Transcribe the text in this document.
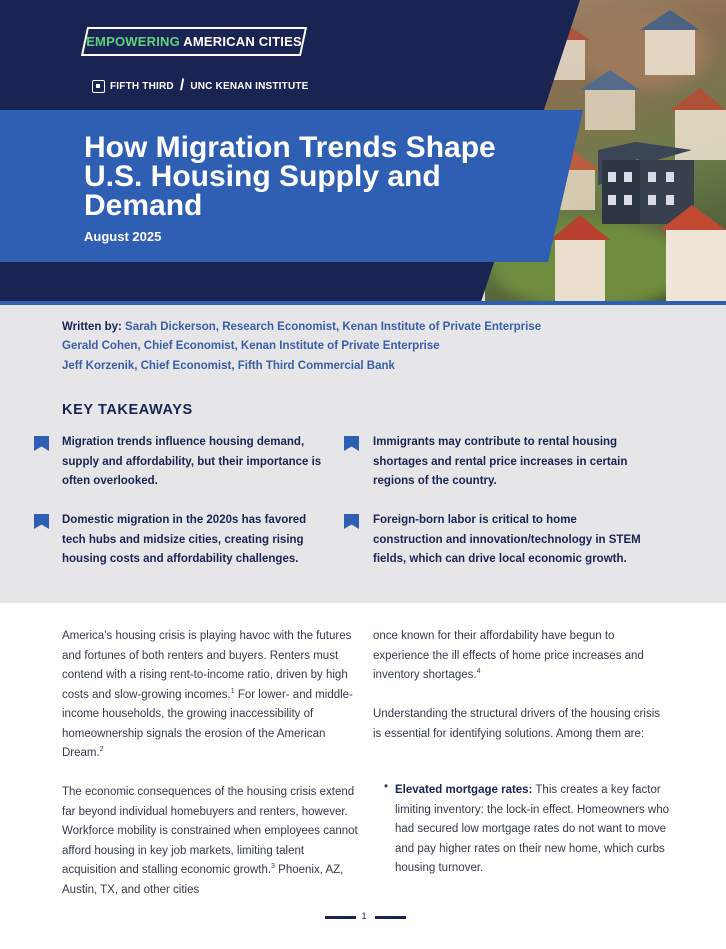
EMPOWERING AMERICAN CITIES
FIFTH THIRD / UNC KENAN INSTITUTE
How Migration Trends Shape U.S. Housing Supply and Demand
August 2025
Written by: Sarah Dickerson, Research Economist, Kenan Institute of Private Enterprise
Gerald Cohen, Chief Economist, Kenan Institute of Private Enterprise
Jeff Korzenik, Chief Economist, Fifth Third Commercial Bank
KEY TAKEAWAYS
Migration trends influence housing demand, supply and affordability, but their importance is often overlooked.
Immigrants may contribute to rental housing shortages and rental price increases in certain regions of the country.
Domestic migration in the 2020s has favored tech hubs and midsize cities, creating rising housing costs and affordability challenges.
Foreign-born labor is critical to home construction and innovation/technology in STEM fields, which can drive local economic growth.

America’s housing crisis is playing havoc with the futures and fortunes of both renters and buyers. Renters must contend with a rising rent-to-income ratio, driven by high costs and slow-growing incomes.$^1$ For lower- and middle-income households, the growing inaccessibility of homeownership signals the erosion of the American Dream.$^2$

The economic consequences of the housing crisis extend far beyond individual homebuyers and renters, however. Workforce mobility is constrained when employees cannot afford housing in key job markets, limiting talent acquisition and stalling economic growth.$^3$ Phoenix, AZ, Austin, TX, and other cities

once known for their affordability have begun to experience the ill effects of home price increases and inventory shortages.$^4$

Understanding the structural drivers of the housing crisis is essential for identifying solutions. Among them are:

• Elevated mortgage rates: This creates a key factor limiting inventory: the lock-in effect. Homeowners who had secured low mortgage rates do not want to move and pay higher rates on their new home, which curbs housing turnover.
1
